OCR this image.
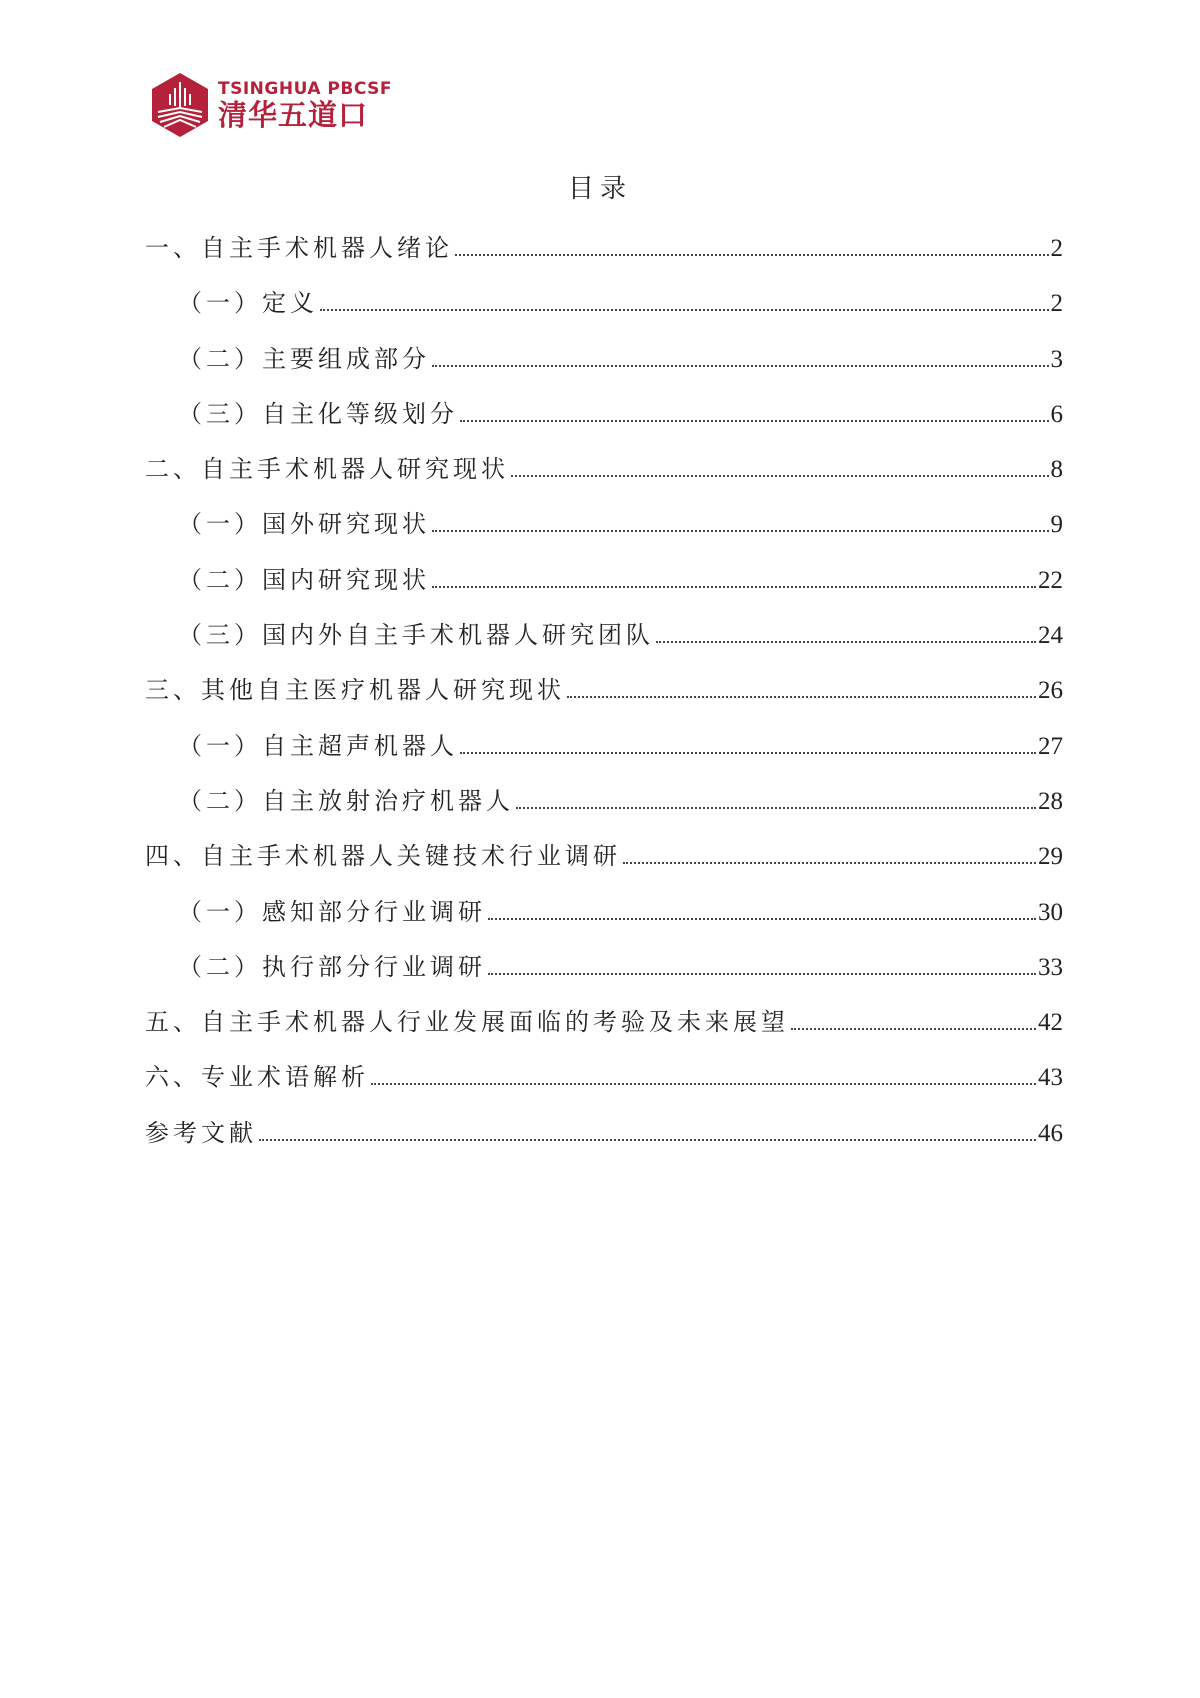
TSINGHUA PBCSF
清华五道口
目录
一、自主手术机器人绪论	2
（一）定义	2
（二）主要组成部分	3
（三）自主化等级划分	6
二、自主手术机器人研究现状	8
（一）国外研究现状	9
（二）国内研究现状	22
（三）国内外自主手术机器人研究团队	24
三、其他自主医疗机器人研究现状	26
（一）自主超声机器人	27
（二）自主放射治疗机器人	28
四、自主手术机器人关键技术行业调研	29
（一）感知部分行业调研	30
（二）执行部分行业调研	33
五、自主手术机器人行业发展面临的考验及未来展望	42
六、专业术语解析	43
参考文献	46
